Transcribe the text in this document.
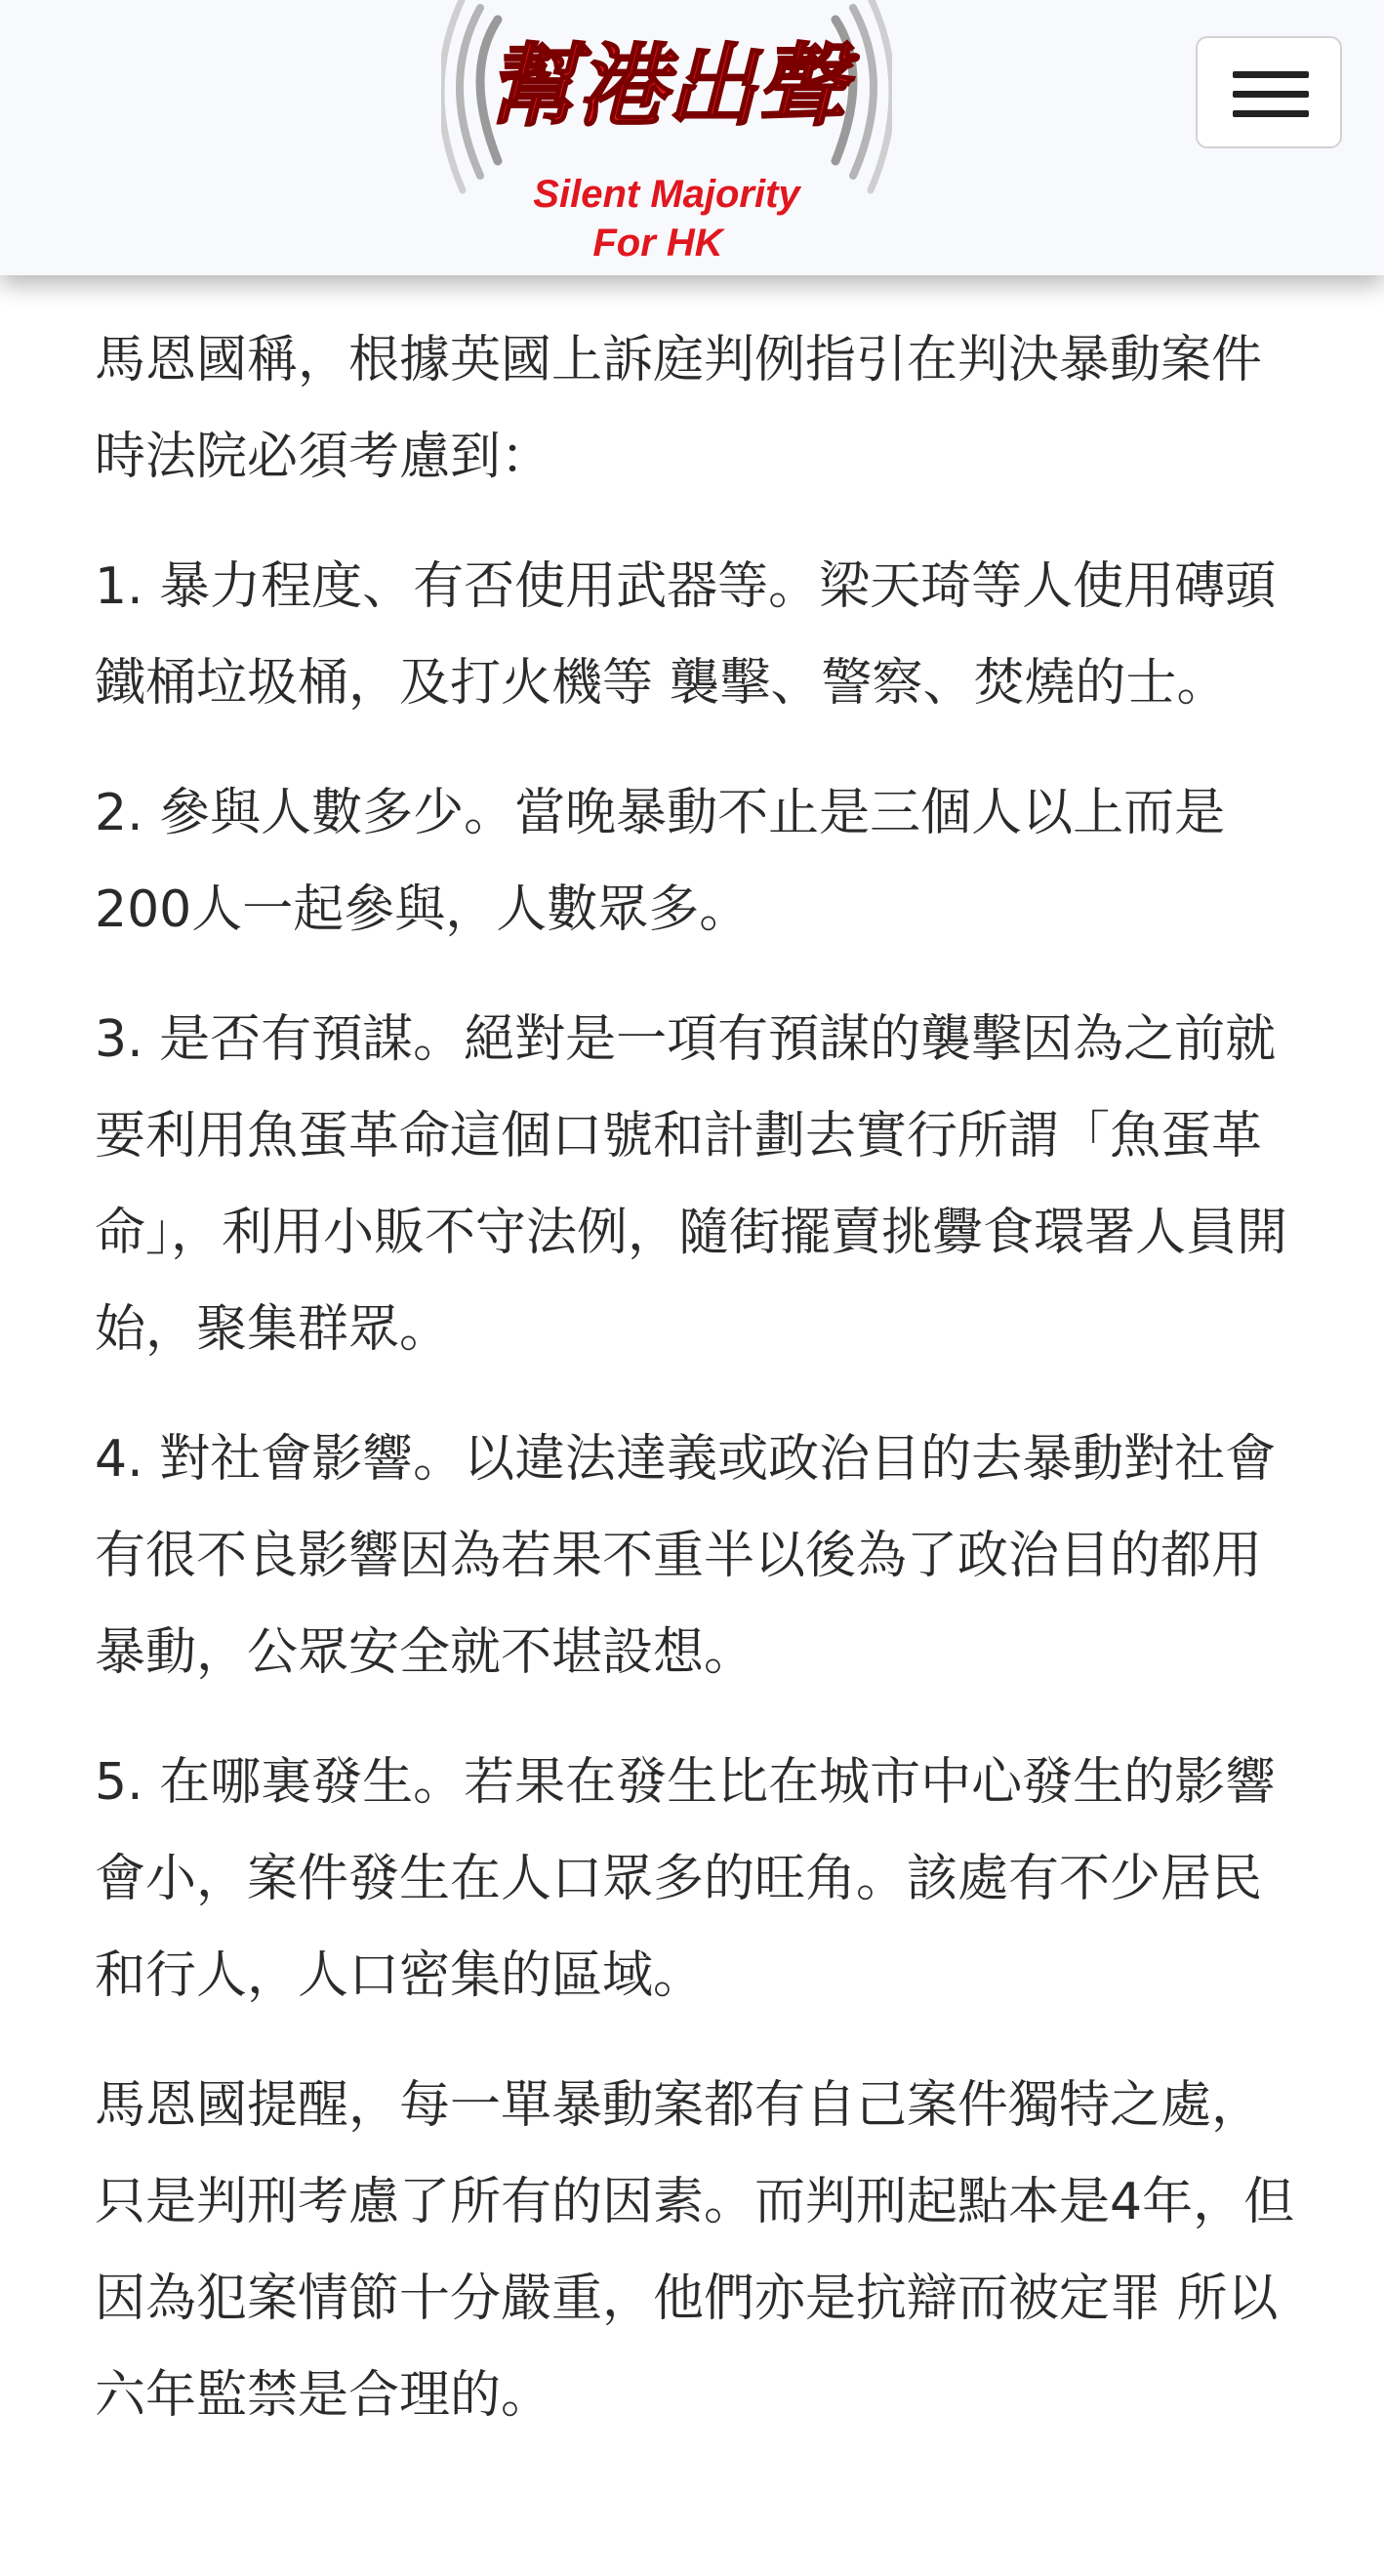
幫港出聲
Silent Majority
For HK

馬恩國稱，根據英國上訴庭判例指引在判決暴動案件時法院必須考慮到：

1. 暴力程度、有否使用武器等。梁天琦等人使用磚頭鐵桶垃圾桶，及打火機等 襲擊、警察、焚燒的士。

2. 參與人數多少。當晚暴動不止是三個人以上而是200人一起參與，人數眾多。

3. 是否有預謀。絕對是一項有預謀的襲擊因為之前就要利用魚蛋革命這個口號和計劃去實行所謂「魚蛋革命」，利用小販不守法例，隨街擺賣挑釁食環署人員開始，聚集群眾。

4. 對社會影響。以違法達義或政治目的去暴動對社會有很不良影響因為若果不重半以後為了政治目的都用暴動，公眾安全就不堪設想。

5. 在哪裏發生。若果在發生比在城市中心發生的影響會小，案件發生在人口眾多的旺角。該處有不少居民和行人，人口密集的區域。

馬恩國提醒，每一單暴動案都有自己案件獨特之處，只是判刑考慮了所有的因素。而判刑起點本是4年，但因為犯案情節十分嚴重，他們亦是抗辯而被定罪 所以六年監禁是合理的。
